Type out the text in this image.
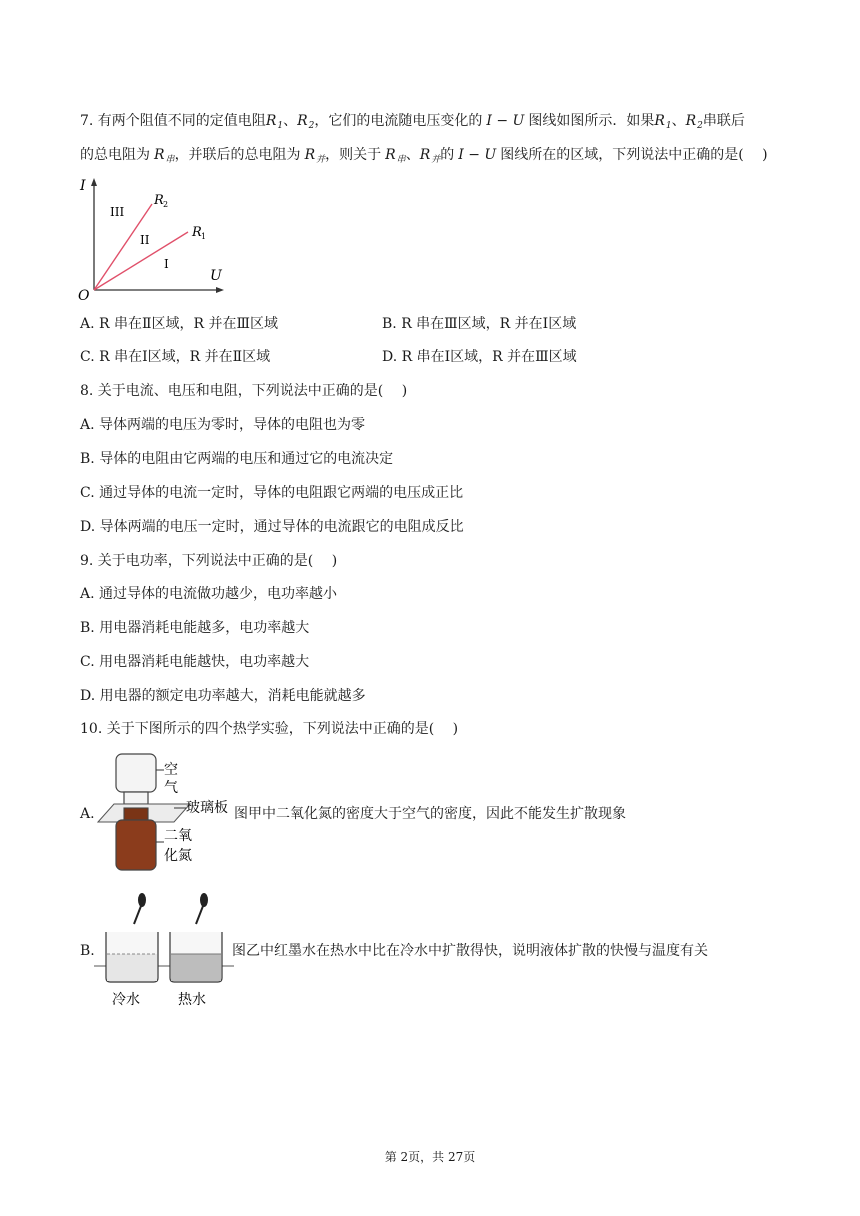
7. 有两个阻值不同的定值电阻$R_1$、$R_2$，它们的电流随电压变化的 I − U 图线如图所示．如果$R_1$、$R_2$串联后
的总电阻为 $R_串$，并联后的总电阻为 $R_并$，则关于 $R_串$、$R_并$的 I − U 图线所在的区域，下列说法中正确的是(　 )
I
U
O
R 2
R 1
III
II
I
A. R 串在Ⅱ区域，R 并在Ⅲ区域	B. R 串在Ⅲ区域，R 并在Ⅰ区域
C. R 串在Ⅰ区域，R 并在Ⅱ区域	D. R 串在Ⅰ区域，R 并在Ⅲ区域
8. 关于电流、电压和电阻，下列说法中正确的是(　 )
A. 导体两端的电压为零时，导体的电阻也为零
B. 导体的电阻由它两端的电压和通过它的电流决定
C. 通过导体的电流一定时，导体的电阻跟它两端的电压成正比
D. 导体两端的电压一定时，通过导体的电流跟它的电阻成反比
9. 关于电功率，下列说法中正确的是(　 )
A. 通过导体的电流做功越少，电功率越小
B. 用电器消耗电能越多，电功率越大
C. 用电器消耗电能越快，电功率越大
D. 用电器的额定电功率越大，消耗电能就越多
10. 关于下图所示的四个热学实验，下列说法中正确的是(　 )
A.
空
气
玻璃板
二氧
化氮
图甲中二氧化氮的密度大于空气的密度，因此不能发生扩散现象
B.
冷水	热水
图乙中红墨水在热水中比在冷水中扩散得快，说明液体扩散的快慢与温度有关
第 2页，共 27页
